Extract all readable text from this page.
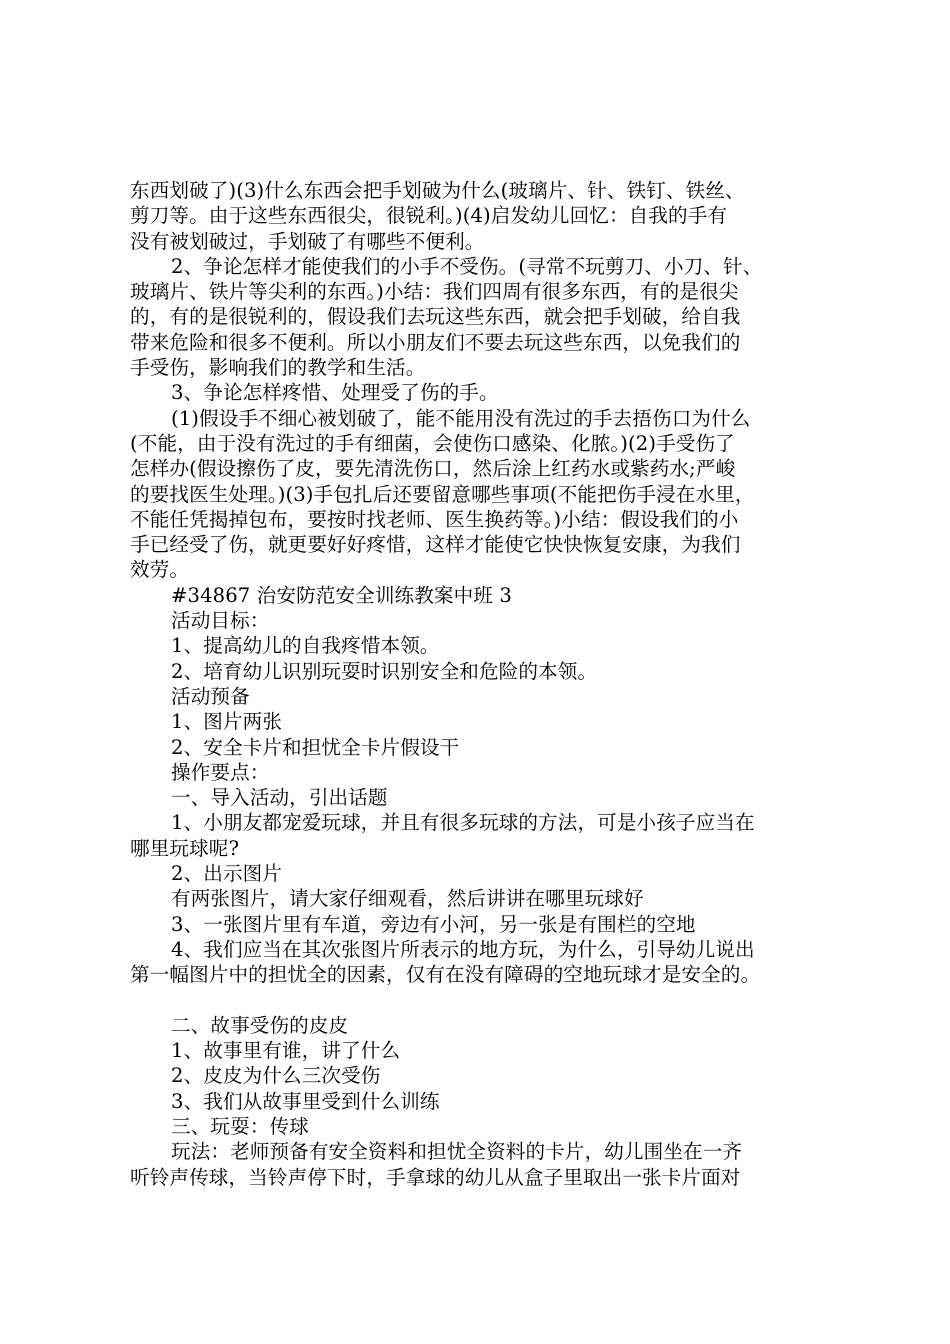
东西划破了)(3)什么东西会把手划破为什么(玻璃片、针、铁钉、铁丝、
剪刀等。由于这些东西很尖，很锐利。)(4)启发幼儿回忆：自我的手有
没有被划破过，手划破了有哪些不便利。
2、争论怎样才能使我们的小手不受伤。(寻常不玩剪刀、小刀、针、
玻璃片、铁片等尖利的东西。)小结：我们四周有很多东西，有的是很尖
的，有的是很锐利的，假设我们去玩这些东西，就会把手划破，给自我
带来危险和很多不便利。所以小朋友们不要去玩这些东西，以免我们的
手受伤，影响我们的教学和生活。
3、争论怎样疼惜、处理受了伤的手。
(1)假设手不细心被划破了，能不能用没有洗过的手去捂伤口为什么
(不能，由于没有洗过的手有细菌，会使伤口感染、化脓。)(2)手受伤了
怎样办(假设擦伤了皮，要先清洗伤口，然后涂上红药水或紫药水;严峻
的要找医生处理。)(3)手包扎后还要留意哪些事项(不能把伤手浸在水里，
不能任凭揭掉包布，要按时找老师、医生换药等。)小结：假设我们的小
手已经受了伤，就更要好好疼惜，这样才能使它快快恢复安康，为我们
效劳。
#34867 治安防范安全训练教案中班 3
活动目标：
1、提高幼儿的自我疼惜本领。
2、培育幼儿识别玩耍时识别安全和危险的本领。
活动预备
1、图片两张
2、安全卡片和担忧全卡片假设干
操作要点：
一、导入活动，引出话题
1、小朋友都宠爱玩球，并且有很多玩球的方法，可是小孩子应当在
哪里玩球呢?
2、出示图片
有两张图片，请大家仔细观看，然后讲讲在哪里玩球好
3、一张图片里有车道，旁边有小河，另一张是有围栏的空地
4、我们应当在其次张图片所表示的地方玩，为什么，引导幼儿说出
第一幅图片中的担忧全的因素，仅有在没有障碍的空地玩球才是安全的。
二、故事受伤的皮皮
1、故事里有谁，讲了什么
2、皮皮为什么三次受伤
3、我们从故事里受到什么训练
三、玩耍：传球
玩法：老师预备有安全资料和担忧全资料的卡片，幼儿围坐在一齐
听铃声传球，当铃声停下时，手拿球的幼儿从盒子里取出一张卡片面对
